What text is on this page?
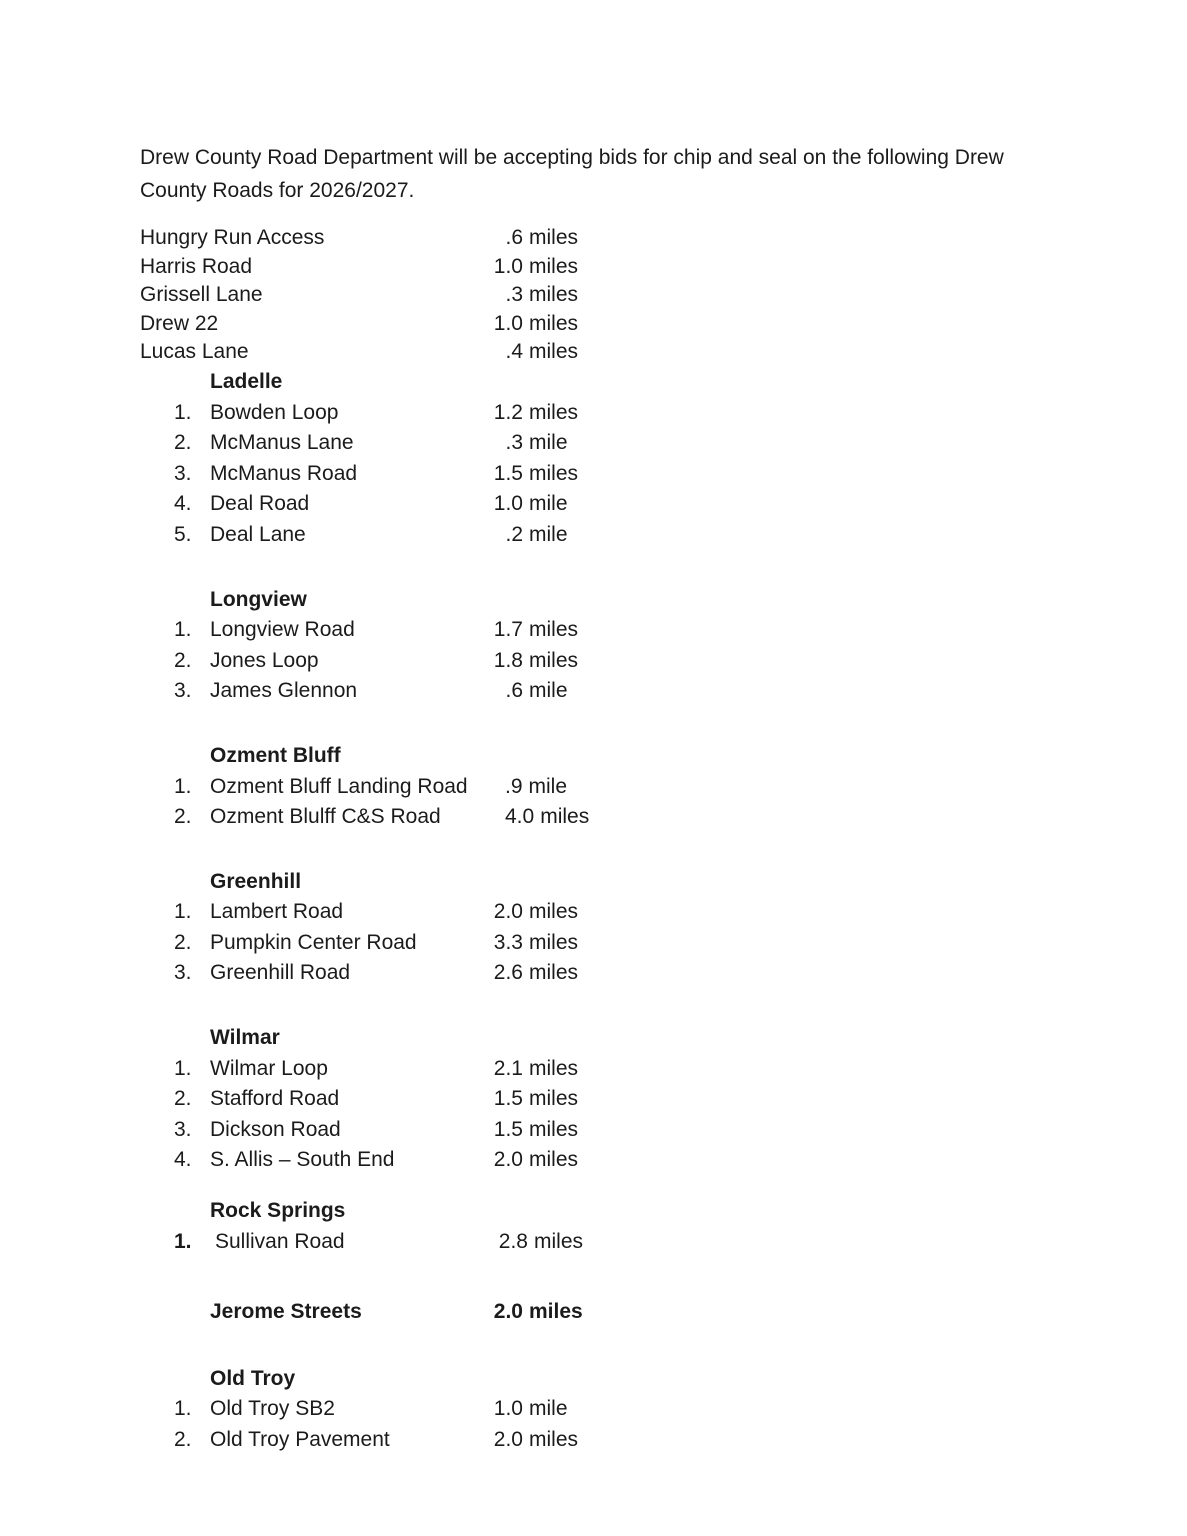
Drew County Road Department will be accepting bids for chip and seal on the following Drew
County Roads for 2026/2027.
Hungry Run Access	.6 miles
Harris Road	1.0 miles
Grissell Lane	.3 miles
Drew 22	1.0 miles
Lucas Lane	.4 miles
Ladelle
1. Bowden Loop	1.2 miles
2. McManus Lane	.3 mile
3. McManus Road	1.5 miles
4. Deal Road	1.0 mile
5. Deal Lane	.2 mile
Longview
1. Longview Road	1.7 miles
2. Jones Loop	1.8 miles
3. James Glennon	.6 mile
Ozment Bluff
1. Ozment Bluff Landing Road	.9 mile
2. Ozment Blulff C&S Road	4.0 miles
Greenhill
1. Lambert Road	2.0 miles
2. Pumpkin Center Road	3.3 miles
3. Greenhill Road	2.6 miles
Wilmar
1. Wilmar Loop	2.1 miles
2. Stafford Road	1.5 miles
3. Dickson Road	1.5 miles
4. S. Allis – South End	2.0 miles
Rock Springs
1.	Sullivan Road	2.8 miles
Jerome Streets	2.0 miles
Old Troy
1. Old Troy SB2	1.0 mile
2. Old Troy Pavement	2.0 miles
